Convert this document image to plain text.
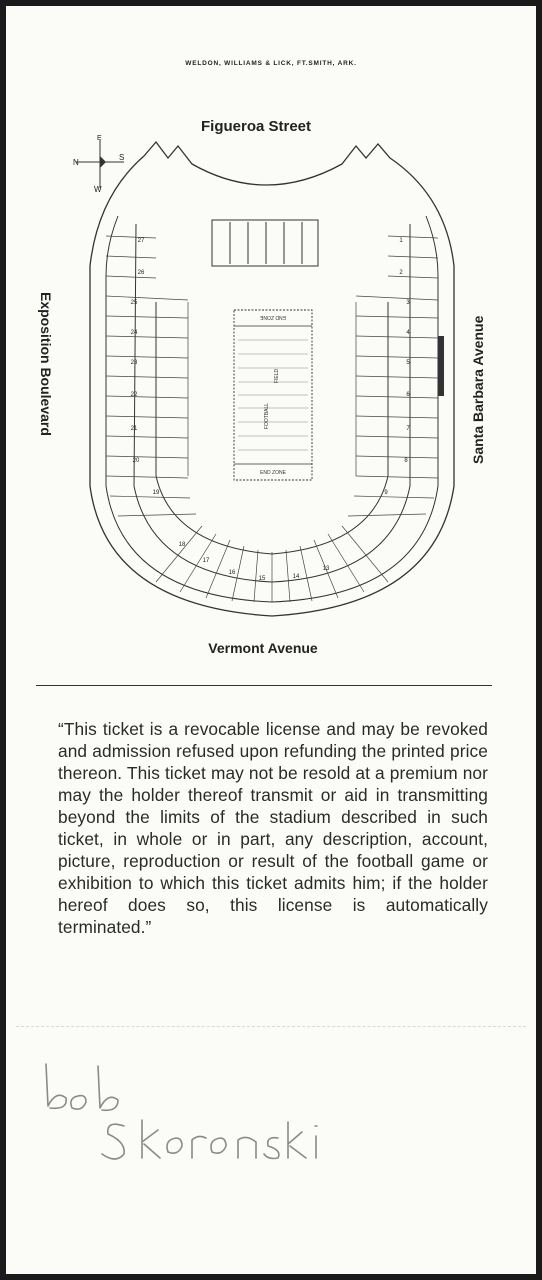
WELDON, WILLIAMS & LICK, FT.SMITH, ARK.
END ZONE
END ZONE
FOOTBALL
FIELD
27
26
25
24
23
22
21
20
19
18
17
16
15	14
13
1
2
3
4
5
6
7
8
9
N
S
E
W
Figueroa Street
Exposition Boulevard	Santa Barbara Avenue
Vermont Avenue
“This ticket is a revocable license and may be revoked and admission refused upon refunding the printed price thereon. This ticket may not be resold at a premium nor may the holder thereof transmit or aid in transmitting beyond the limits of the stadium described in such ticket, in whole or in part, any description, account, picture, reproduction or result of the football game or exhibition to which this ticket admits him; if the holder hereof does so, this license is automatically terminated.”
